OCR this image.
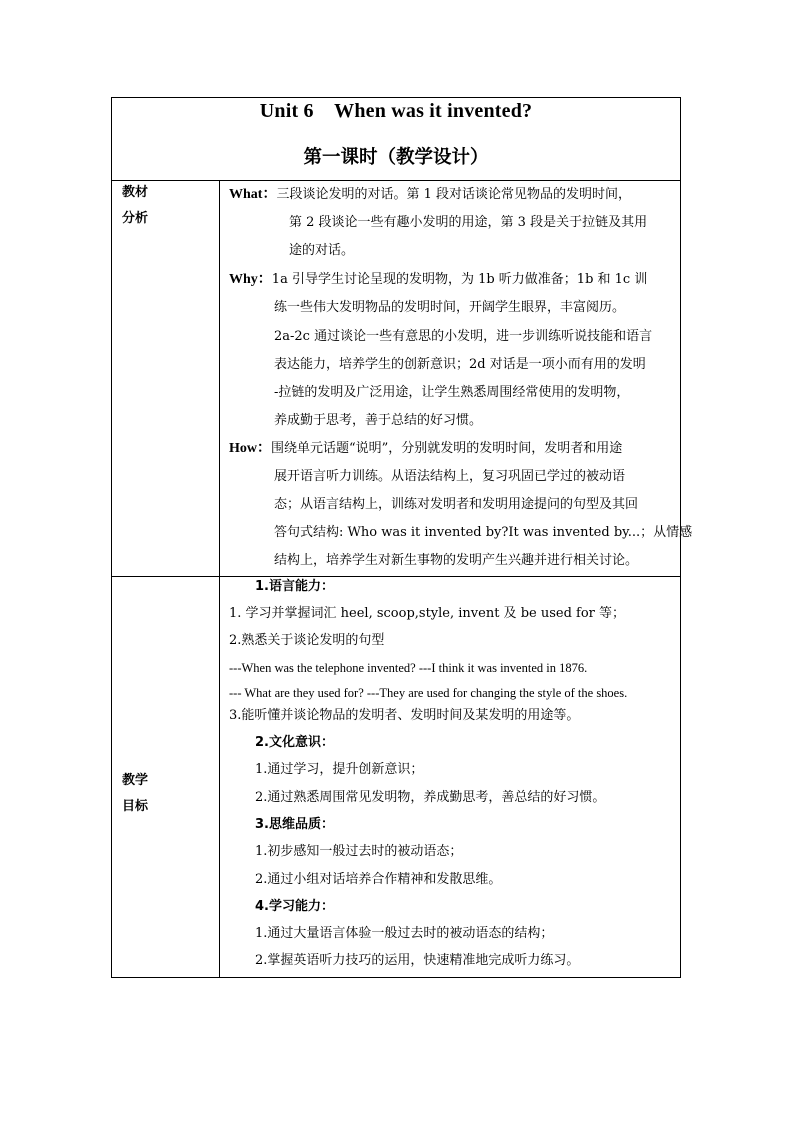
Unit 6    When was it invented?
第一课时（教学设计）
教材
分析
What：三段谈论发明的对话。第 1 段对话谈论常见物品的发明时间，
第 2 段谈论一些有趣小发明的用途，第 3 段是关于拉链及其用
途的对话。
Why：1a 引导学生讨论呈现的发明物，为 1b 听力做准备；1b 和 1c 训
练一些伟大发明物品的发明时间，开阔学生眼界，丰富阅历。
2a-2c 通过谈论一些有意思的小发明，进一步训练听说技能和语言
表达能力，培养学生的创新意识；2d 对话是一项小而有用的发明
-拉链的发明及广泛用途，让学生熟悉周围经常使用的发明物，
养成勤于思考，善于总结的好习惯。
How：围绕单元话题“说明”，分别就发明的发明时间，发明者和用途
展开语言听力训练。从语法结构上，复习巩固已学过的被动语
态；从语言结构上，训练对发明者和发明用途提问的句型及其回
答句式结构: Who was it invented by?It was invented by...；从情感
结构上，培养学生对新生事物的发明产生兴趣并进行相关讨论。
教学
目标
1.语言能力：
1. 学习并掌握词汇 heel, scoop,style, invent 及 be used for 等；
2.熟悉关于谈论发明的句型
---When was the telephone invented? ---I think it was invented in 1876.
--- What are they used for? ---They are used for changing the style of the shoes.
3.能听懂并谈论物品的发明者、发明时间及某发明的用途等。
2.文化意识：
1.通过学习，提升创新意识；
2.通过熟悉周围常见发明物，养成勤思考，善总结的好习惯。
3.思维品质：
1.初步感知一般过去时的被动语态；
2.通过小组对话培养合作精神和发散思维。
4.学习能力：
1.通过大量语言体验一般过去时的被动语态的结构；
2.掌握英语听力技巧的运用，快速精准地完成听力练习。
